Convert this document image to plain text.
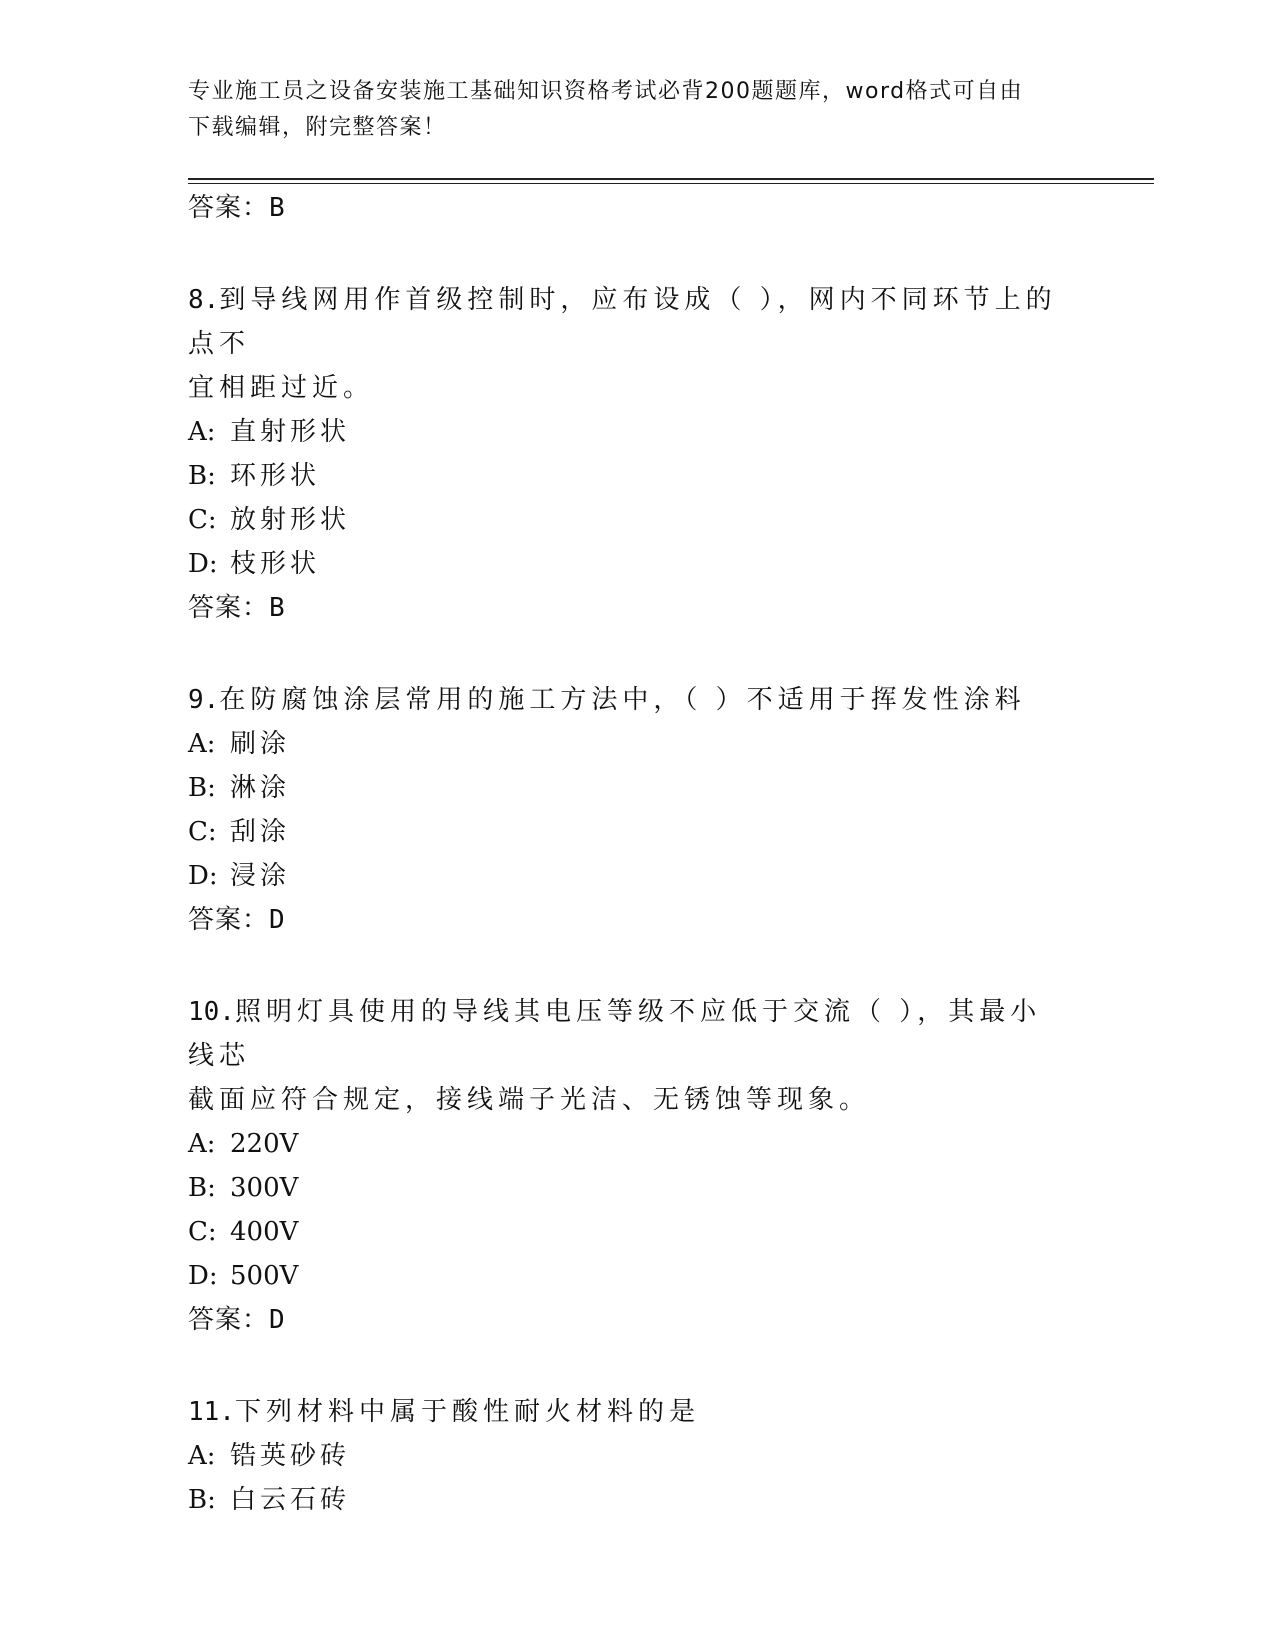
专业施工员之设备安装施工基础知识资格考试必背200题题库，word格式可自由
下载编辑，附完整答案！
答案：B
8.到导线网用作首级控制时，应布设成（ ），网内不同环节上的点不
宜相距过近。
A: 直射形状
B: 环形状
C: 放射形状
D: 枝形状
答案：B
9.在防腐蚀涂层常用的施工方法中，（ ）不适用于挥发性涂料
A: 刷涂
B: 淋涂
C: 刮涂
D: 浸涂
答案：D
10.照明灯具使用的导线其电压等级不应低于交流（ ），其最小线芯
截面应符合规定，接线端子光洁、无锈蚀等现象。
A: 220V
B: 300V
C: 400V
D: 500V
答案：D
11.下列材料中属于酸性耐火材料的是
A: 锆英砂砖
B: 白云石砖
